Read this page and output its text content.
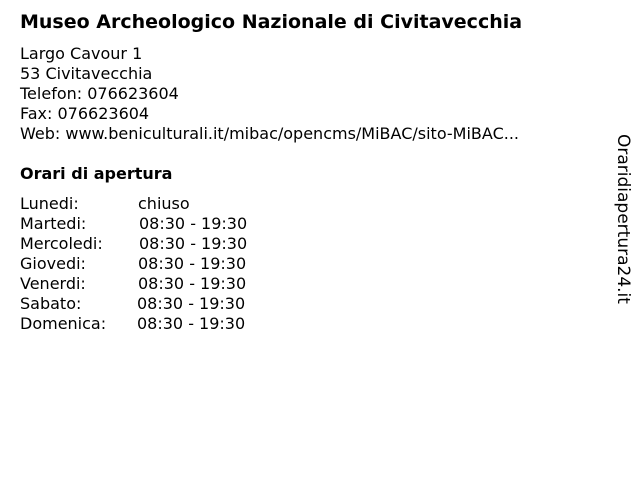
Museo Archeologico Nazionale di Civitavecchia
Largo Cavour 1
53 Civitavecchia
Telefon: 076623604
Fax: 076623604
Web: www.beniculturali.it/mibac/opencms/MiBAC/sito-MiBAC...
Orari di apertura
Lunedi:	chiuso
Martedi:	08:30 - 19:30
Mercoledi:	08:30 - 19:30
Giovedi:	08:30 - 19:30
Venerdi:	08:30 - 19:30
Sabato:	08:30 - 19:30
Domenica:	08:30 - 19:30
Oraridiapertura24.it
